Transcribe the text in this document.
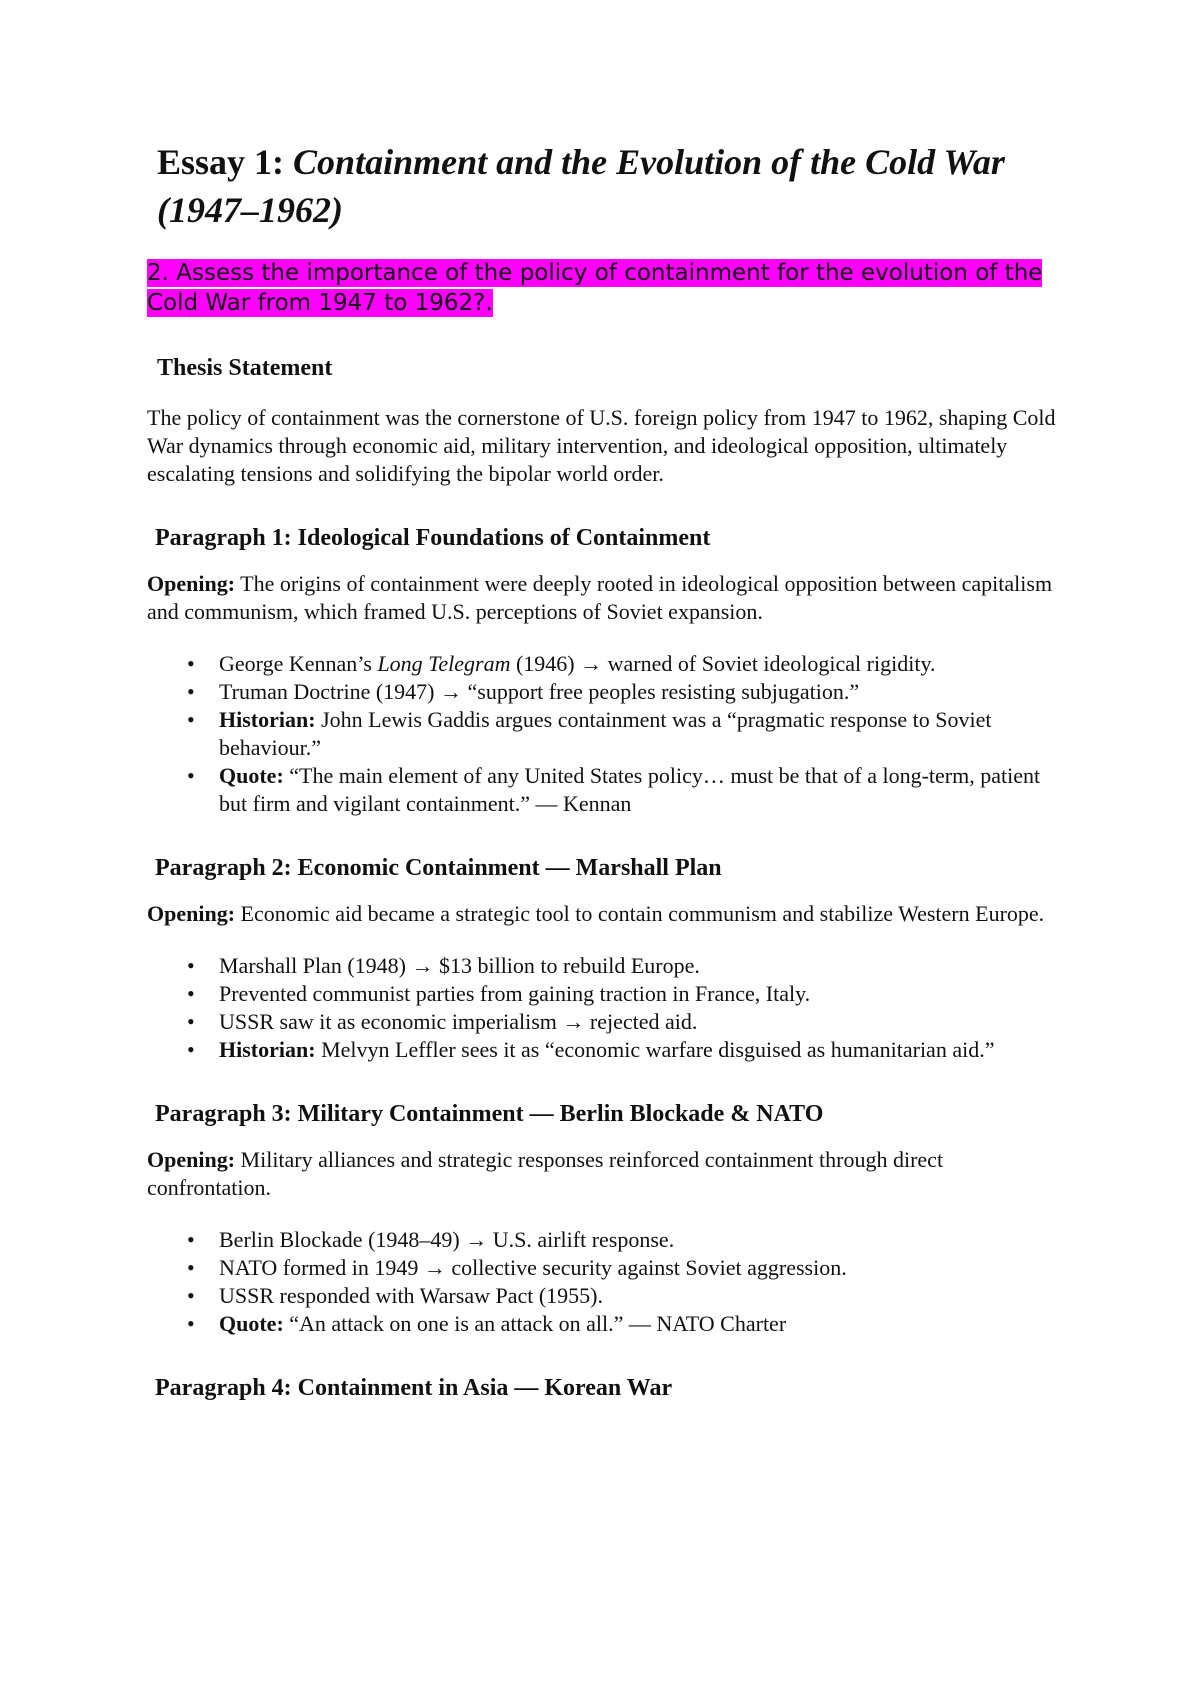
Essay 1: Containment and the Evolution of the Cold War (1947–1962)

2. Assess the importance of the policy of containment for the evolution of the Cold War from 1947 to 1962?.

Thesis Statement

The policy of containment was the cornerstone of U.S. foreign policy from 1947 to 1962, shaping Cold War dynamics through economic aid, military intervention, and ideological opposition, ultimately escalating tensions and solidifying the bipolar world order.

Paragraph 1: Ideological Foundations of Containment

Opening: The origins of containment were deeply rooted in ideological opposition between capitalism and communism, which framed U.S. perceptions of Soviet expansion.

• George Kennan’s Long Telegram (1946) → warned of Soviet ideological rigidity.
• Truman Doctrine (1947) → “support free peoples resisting subjugation.”
• Historian: John Lewis Gaddis argues containment was a “pragmatic response to Soviet behaviour.”
• Quote: “The main element of any United States policy… must be that of a long-term, patient but firm and vigilant containment.” — Kennan
Paragraph 2: Economic Containment — Marshall Plan

Opening: Economic aid became a strategic tool to contain communism and stabilize Western Europe.

• Marshall Plan (1948) → $13 billion to rebuild Europe.
• Prevented communist parties from gaining traction in France, Italy.
• USSR saw it as economic imperialism → rejected aid.
• Historian: Melvyn Leffler sees it as “economic warfare disguised as humanitarian aid.”
Paragraph 3: Military Containment — Berlin Blockade & NATO

Opening: Military alliances and strategic responses reinforced containment through direct confrontation.

• Berlin Blockade (1948–49) → U.S. airlift response.
• NATO formed in 1949 → collective security against Soviet aggression.
• USSR responded with Warsaw Pact (1955).
• Quote: “An attack on one is an attack on all.” — NATO Charter
Paragraph 4: Containment in Asia — Korean War
